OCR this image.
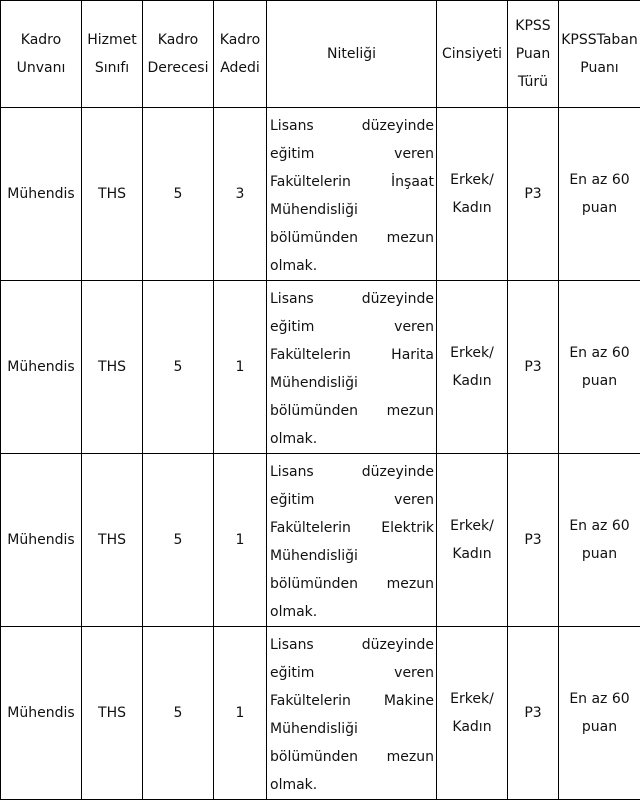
Kadro Unvanı	Hizmet Sınıfı	Kadro Derecesi	Kadro Adedi	Niteliği	Cinsiyeti	KPSS Puan Türü	KPSSTaban Puanı
Mühendis	THS	5	3	Lisans düzeyinde eğitim veren Fakültelerin İnşaat Mühendisliği bölümünden mezun olmak.	Erkek/ Kadın	P3	En az 60 puan
Mühendis	THS	5	1	Lisans düzeyinde eğitim veren Fakültelerin Harita Mühendisliği bölümünden mezun olmak.	Erkek/ Kadın	P3	En az 60 puan
Mühendis	THS	5	1	Lisans düzeyinde eğitim veren Fakültelerin Elektrik Mühendisliği bölümünden mezun olmak.	Erkek/ Kadın	P3	En az 60 puan
Mühendis	THS	5	1	Lisans düzeyinde eğitim veren Fakültelerin Makine Mühendisliği bölümünden mezun olmak.	Erkek/ Kadın	P3	En az 60 puan
